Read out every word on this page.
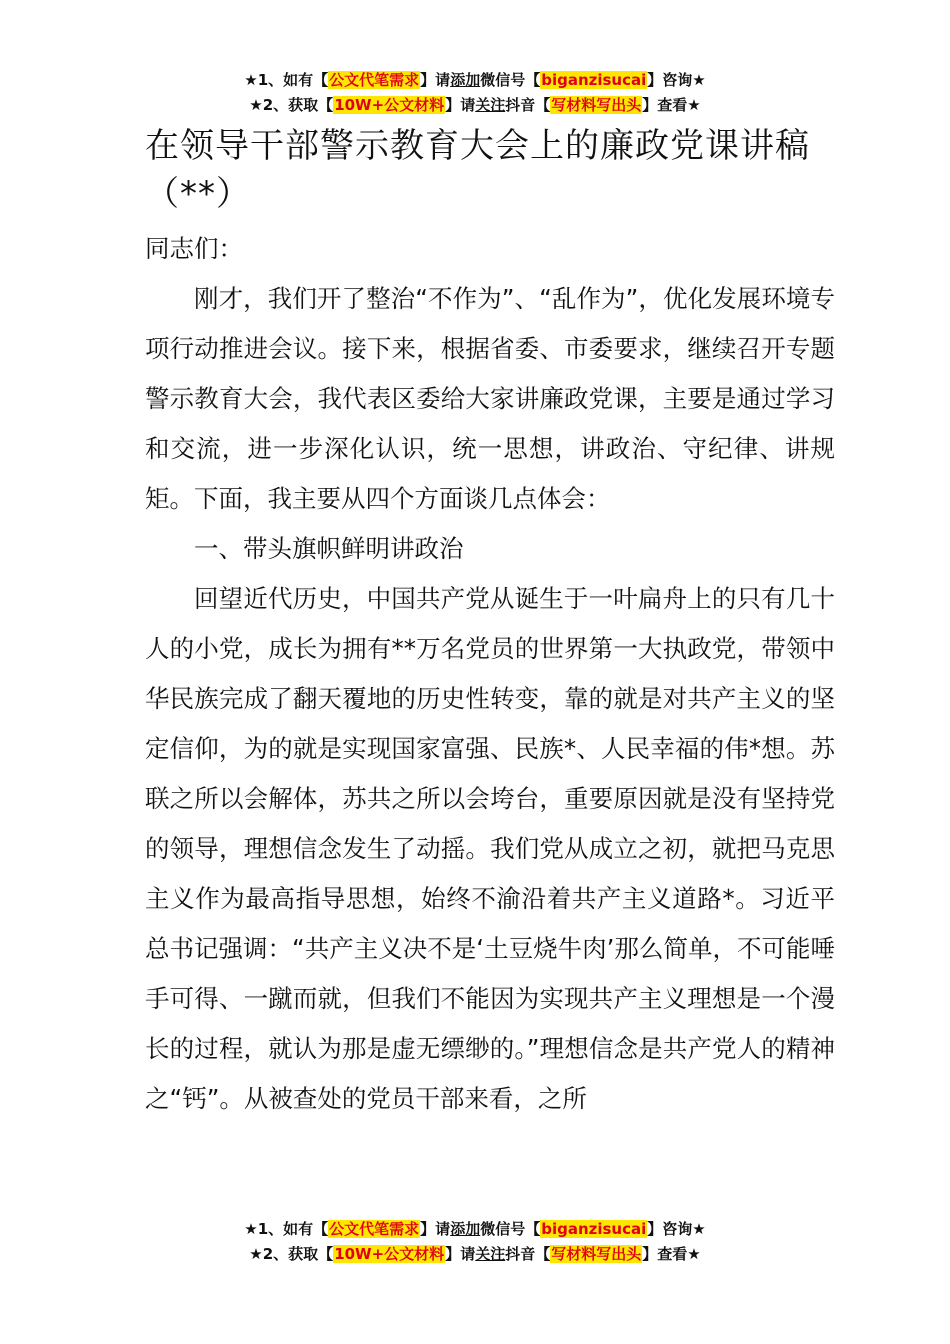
★1、如有【公文代笔需求】请添加微信号【biganzisucai】咨询★
★2、获取【10W+公文材料】请关注抖音【写材料写出头】查看★
在领导干部警示教育大会上的廉政党课讲稿（**）

同志们：

刚才，我们开了整治“不作为”、“乱作为”，优化发展环境专项行动推进会议。接下来，根据省委、市委要求，继续召开专题警示教育大会，我代表区委给大家讲廉政党课，主要是通过学习和交流，进一步深化认识，统一思想，讲政治、守纪律、讲规矩。下面，我主要从四个方面谈几点体会：

一、带头旗帜鲜明讲政治

回望近代历史，中国共产党从诞生于一叶扁舟上的只有几十人的小党，成长为拥有**万名党员的世界第一大执政党，带领中华民族完成了翻天覆地的历史性转变，靠的就是对共产主义的坚定信仰，为的就是实现国家富强、民族*、人民幸福的伟*想。苏联之所以会解体，苏共之所以会垮台，重要原因就是没有坚持党的领导，理想信念发生了动摇。我们党从成立之初，就把马克思主义作为最高指导思想，始终不渝沿着共产主义道路*。习近平总书记强调：“共产主义决不是‘土豆烧牛肉’那么简单，不可能唾手可得、一蹴而就，但我们不能因为实现共产主义理想是一个漫长的过程，就认为那是虚无缥缈的。”理想信念是共产党人的精神之“钙”。从被查处的党员干部来看，之所

★1、如有【公文代笔需求】请添加微信号【biganzisucai】咨询★
★2、获取【10W+公文材料】请关注抖音【写材料写出头】查看★
